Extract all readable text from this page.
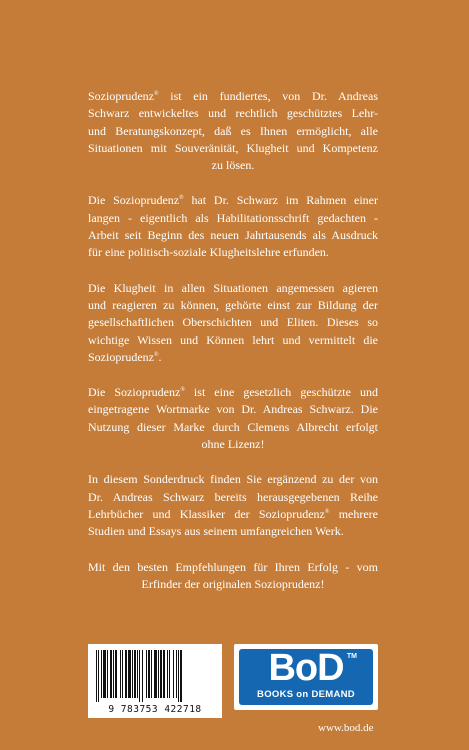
Sozioprudenz® ist ein fundiertes, von Dr. Andreas
Schwarz entwickeltes und rechtlich geschütztes Lehr-
und Beratungskonzept, daß es Ihnen ermöglicht, alle
Situationen mit Souveränität, Klugheit und Kompetenz
zu lösen.

Die Sozioprudenz® hat Dr. Schwarz im Rahmen einer
langen - eigentlich als Habilitationsschrift gedachten -
Arbeit seit Beginn des neuen Jahrtausends als Ausdruck
für eine politisch-soziale Klugheitslehre erfunden.

Die Klugheit in allen Situationen angemessen agieren
und reagieren zu können, gehörte einst zur Bildung der
gesellschaftlichen Oberschichten und Eliten. Dieses so
wichtige Wissen und Können lehrt und vermittelt die
Sozioprudenz®.

Die Sozioprudenz® ist eine gesetzlich geschützte und
eingetragene Wortmarke von Dr. Andreas Schwarz. Die
Nutzung dieser Marke durch Clemens Albrecht erfolgt
ohne Lizenz!

In diesem Sonderdruck finden Sie ergänzend zu der von
Dr. Andreas Schwarz bereits herausgegebenen Reihe
Lehrbücher und Klassiker der Sozioprudenz® mehrere
Studien und Essays aus seinem umfangreichen Werk.

Mit den besten Empfehlungen für Ihren Erfolg - vom
Erfinder der originalen Sozioprudenz!

9 783753 422718
BoD TM
BOOKS on DEMAND
www.bod.de
